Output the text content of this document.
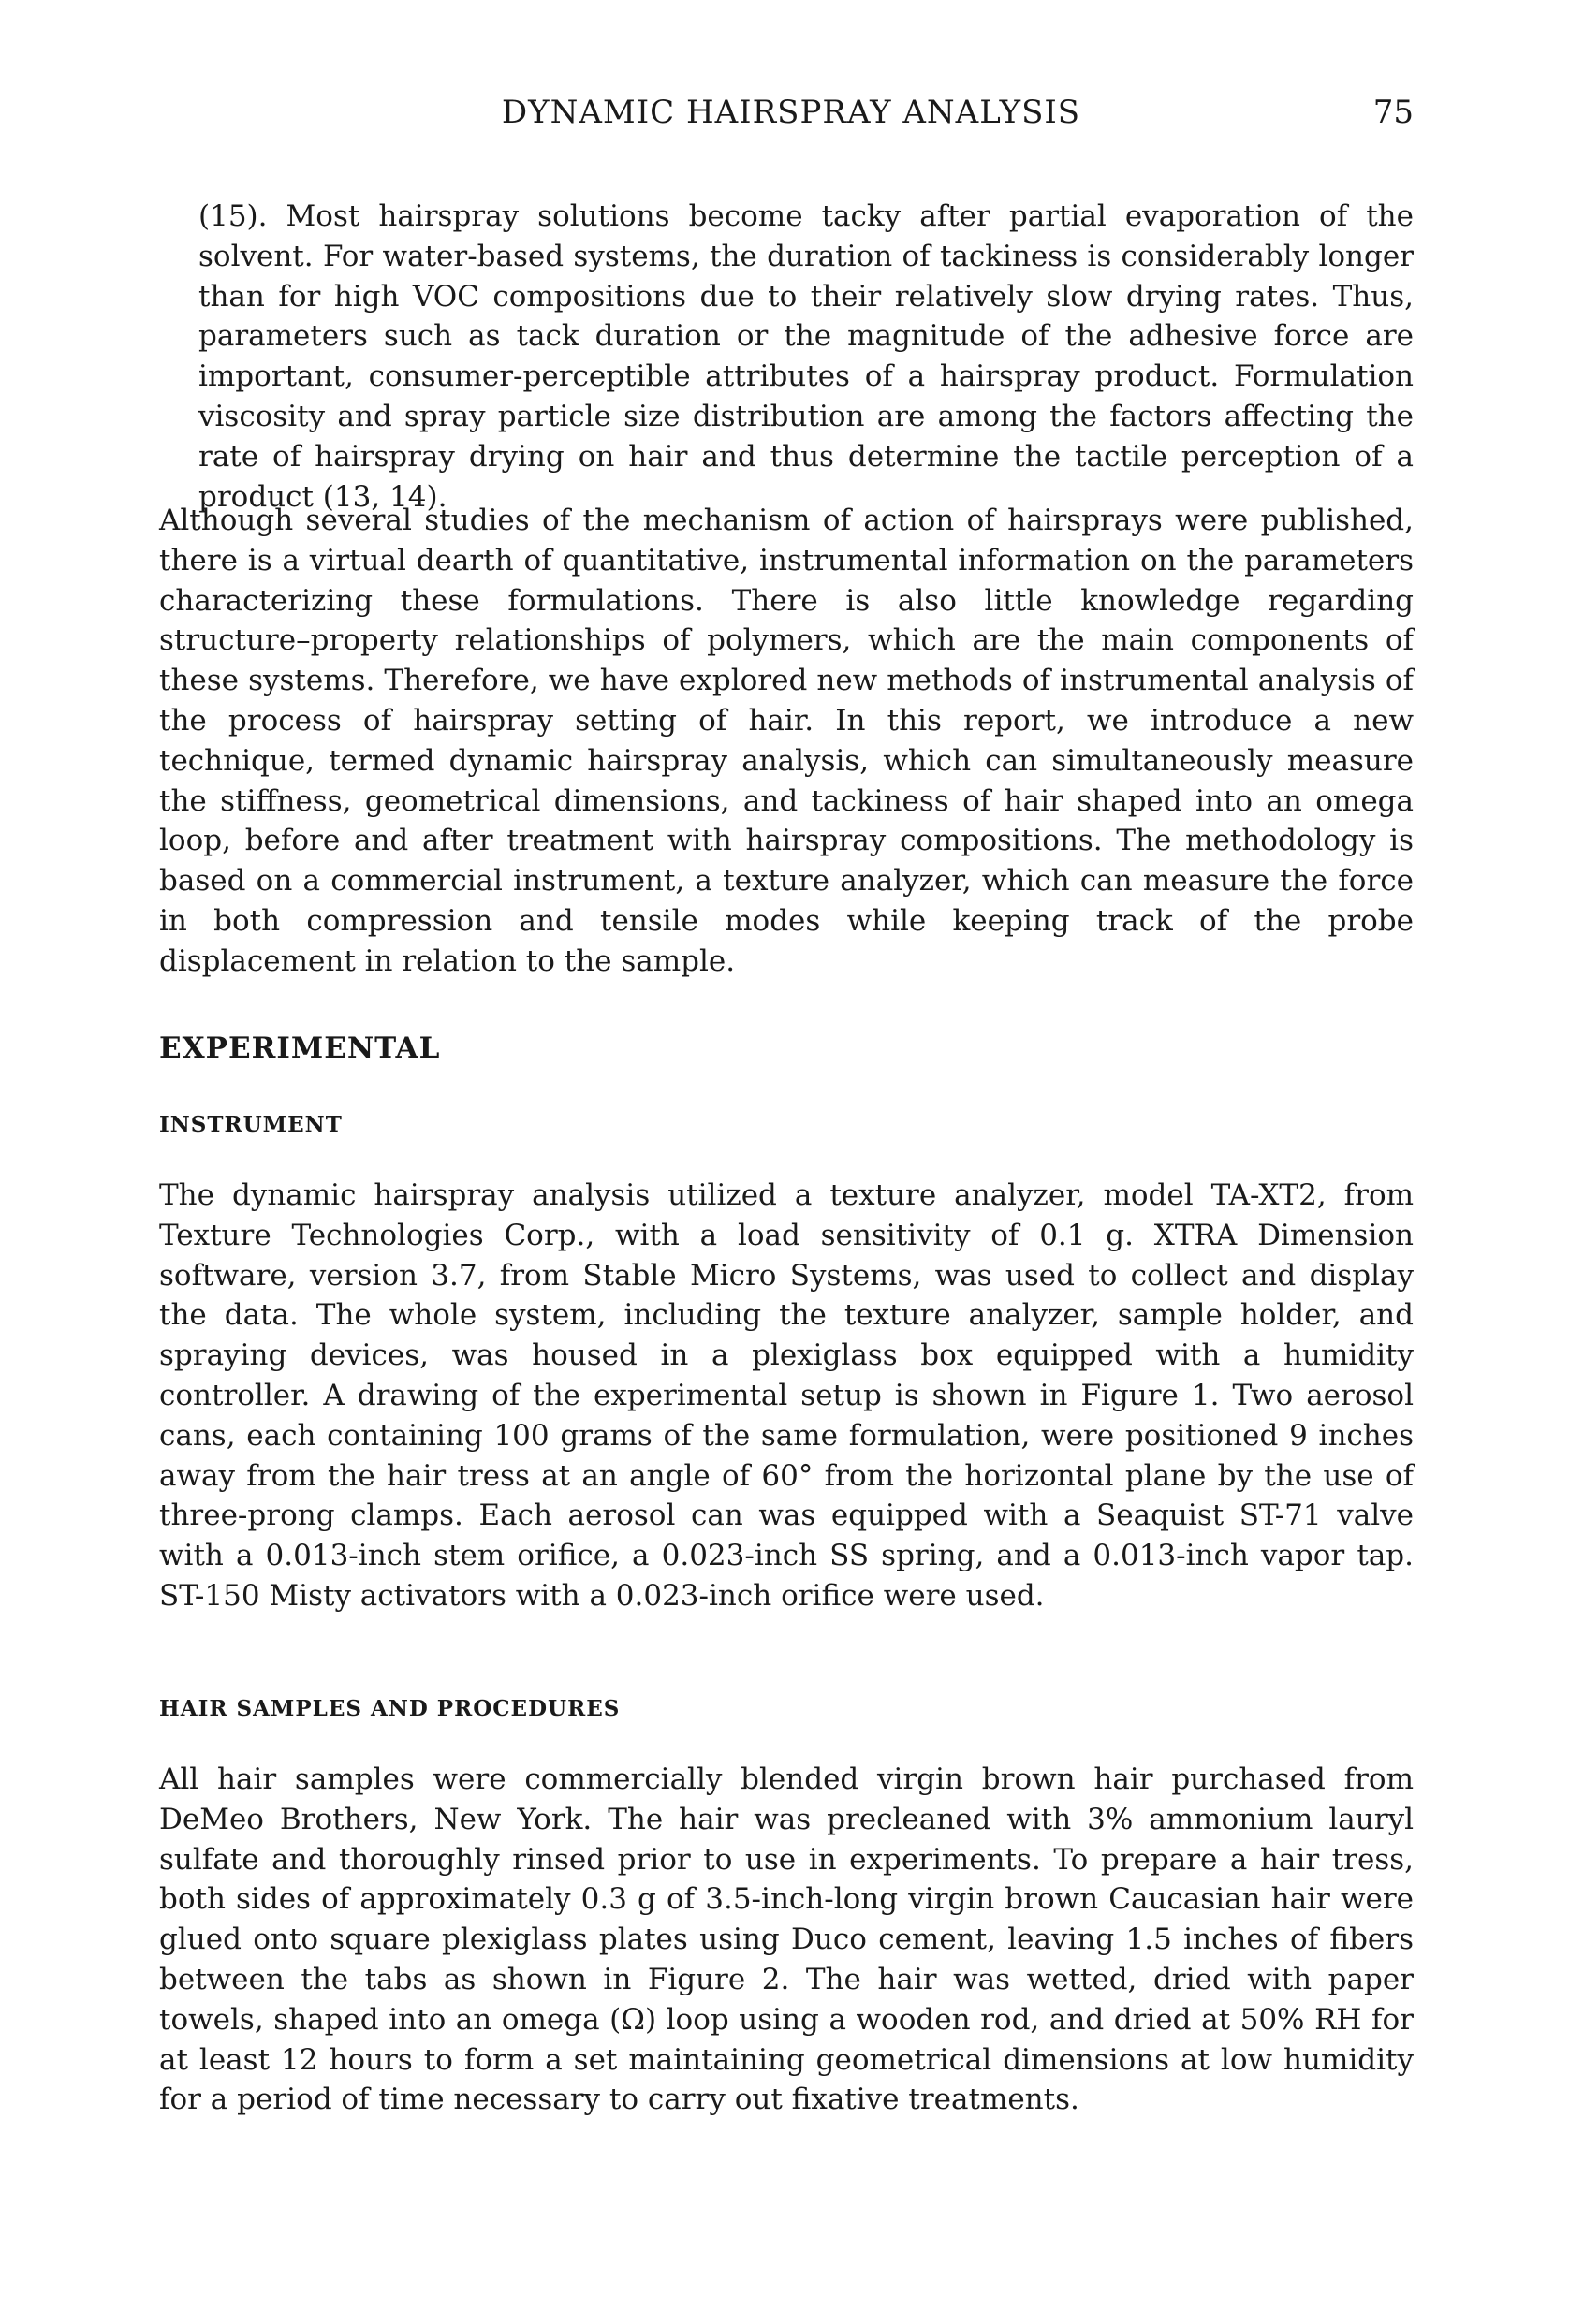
DYNAMIC HAIRSPRAY ANALYSIS	75

(15). Most hairspray solutions become tacky after partial evaporation of the solvent. For water-based systems, the duration of tackiness is considerably longer than for high VOC compositions due to their relatively slow drying rates. Thus, parameters such as tack duration or the magnitude of the adhesive force are important, consumer-perceptible attributes of a hairspray product. Formulation viscosity and spray particle size distribution are among the factors affecting the rate of hairspray drying on hair and thus determine the tactile perception of a product (13, 14).

Although several studies of the mechanism of action of hairsprays were published, there is a virtual dearth of quantitative, instrumental information on the parameters characterizing these formulations. There is also little knowledge regarding structure–property relationships of polymers, which are the main components of these systems. Therefore, we have explored new methods of instrumental analysis of the process of hairspray setting of hair. In this report, we introduce a new technique, termed dynamic hairspray analysis, which can simultaneously measure the stiffness, geometrical dimensions, and tackiness of hair shaped into an omega loop, before and after treatment with hairspray compositions. The methodology is based on a commercial instrument, a texture analyzer, which can measure the force in both compression and tensile modes while keeping track of the probe displacement in relation to the sample.

EXPERIMENTAL
INSTRUMENT

The dynamic hairspray analysis utilized a texture analyzer, model TA-XT2, from Texture Technologies Corp., with a load sensitivity of 0.1 g. XTRA Dimension software, version 3.7, from Stable Micro Systems, was used to collect and display the data. The whole system, including the texture analyzer, sample holder, and spraying devices, was housed in a plexiglass box equipped with a humidity controller. A drawing of the experimental setup is shown in Figure 1. Two aerosol cans, each containing 100 grams of the same formulation, were positioned 9 inches away from the hair tress at an angle of 60° from the horizontal plane by the use of three-prong clamps. Each aerosol can was equipped with a Seaquist ST-71 valve with a 0.013-inch stem orifice, a 0.023-inch SS spring, and a 0.013-inch vapor tap. ST-150 Misty activators with a 0.023-inch orifice were used.

HAIR SAMPLES AND PROCEDURES

All hair samples were commercially blended virgin brown hair purchased from DeMeo Brothers, New York. The hair was precleaned with 3% ammonium lauryl sulfate and thoroughly rinsed prior to use in experiments. To prepare a hair tress, both sides of approximately 0.3 g of 3.5-inch-long virgin brown Caucasian hair were glued onto square plexiglass plates using Duco cement, leaving 1.5 inches of fibers between the tabs as shown in Figure 2. The hair was wetted, dried with paper towels, shaped into an omega (Ω) loop using a wooden rod, and dried at 50% RH for at least 12 hours to form a set maintaining geometrical dimensions at low humidity for a period of time necessary to carry out fixative treatments.
